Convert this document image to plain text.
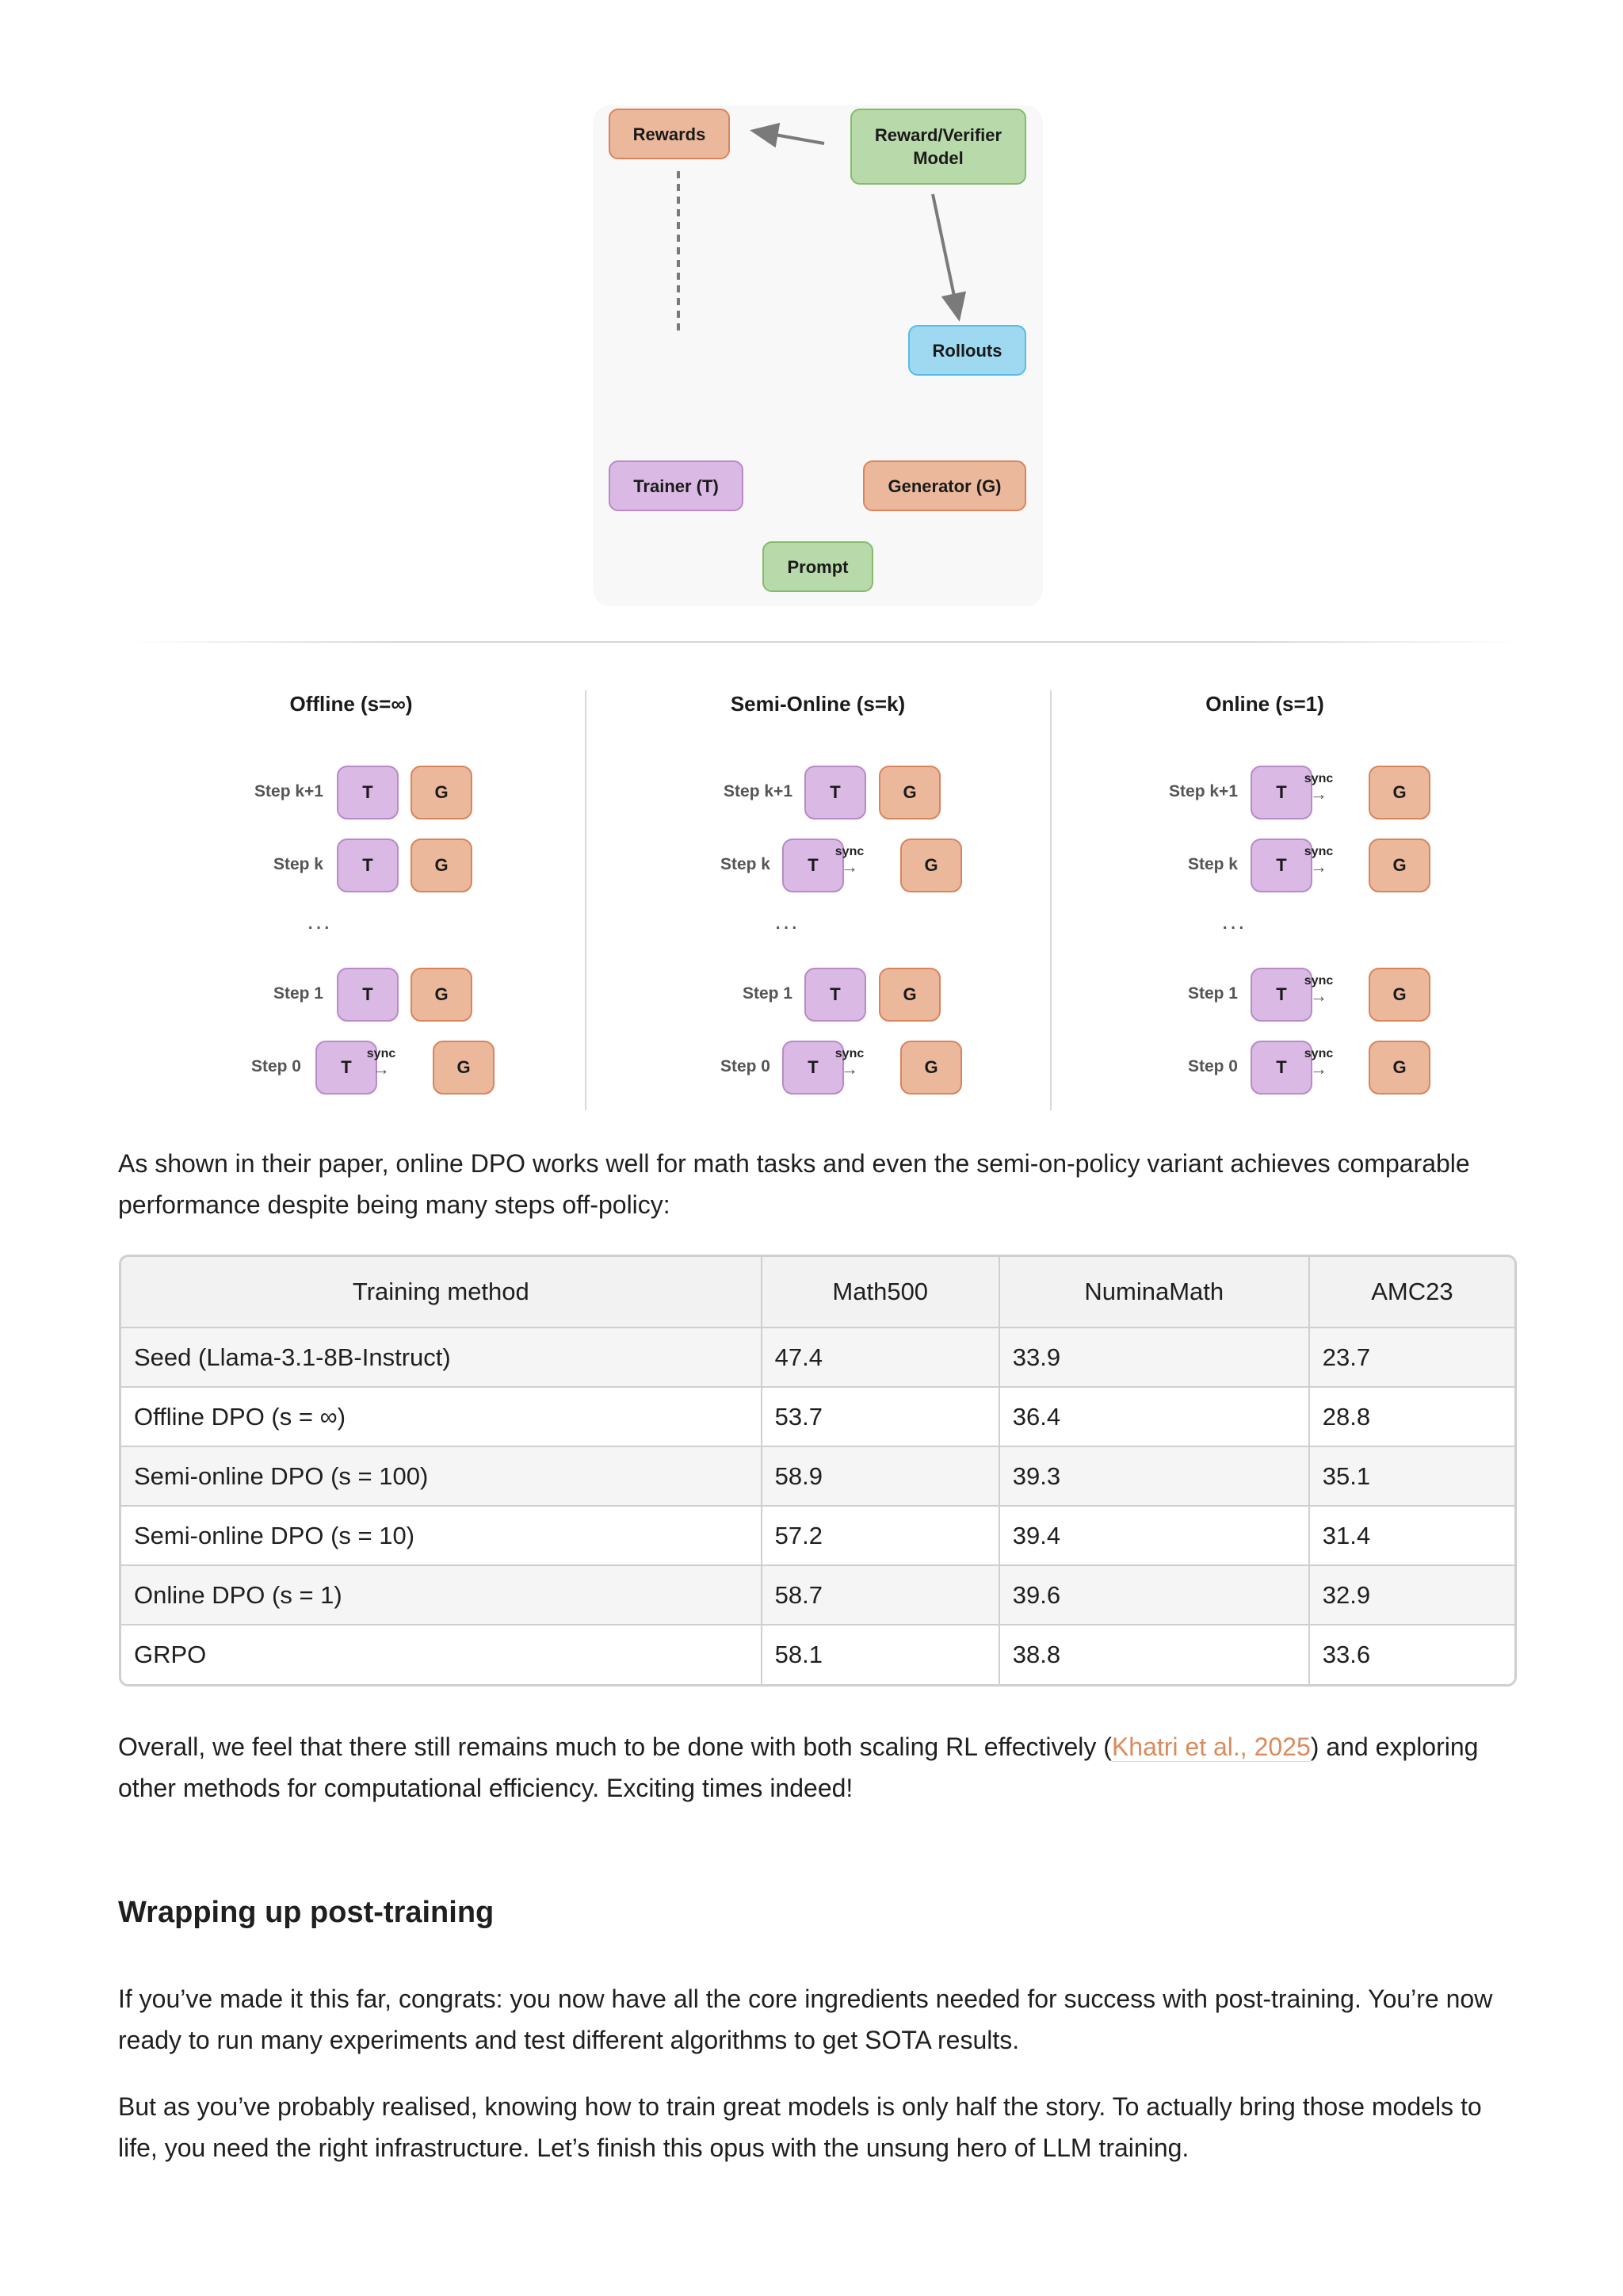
Rewards	Reward/Verifier Model
Rollouts
Trainer (T)	Generator (G)
Prompt
Offline (s=∞)
Step k+1	T	G
Step k	T	G
Step 1	T	G
Step 0	T	G
sync
→
...
Semi-Online (s=k)
Step k+1	T	G
Step k	T	G
sync
→
Step 1	T	G
Step 0	T	G
sync
→
...
Online (s=1)
Step k+1	T	G
sync
→
Step k	T	G
sync
→
Step 1	T	G
sync
→
Step 0	T	G
sync
→
...

As shown in their paper, online DPO works well for math tasks and even the semi-on-policy variant achieves comparable performance despite being many steps off-policy:

Training method	Math500	NuminaMath	AMC23
Seed (Llama-3.1-8B-Instruct)	47.4	33.9	23.7
Offline DPO (s = ∞)	53.7	36.4	28.8
Semi-online DPO (s = 100)	58.9	39.3	35.1
Semi-online DPO (s = 10)	57.2	39.4	31.4
Online DPO (s = 1)	58.7	39.6	32.9
GRPO	58.1	38.8	33.6

Overall, we feel that there still remains much to be done with both scaling RL effectively (Khatri et al., 2025) and exploring other methods for computational efficiency. Exciting times indeed!

Wrapping up post-training

If you’ve made it this far, congrats: you now have all the core ingredients needed for success with post-training. You’re now ready to run many experiments and test different algorithms to get SOTA results.

But as you’ve probably realised, knowing how to train great models is only half the story. To actually bring those models to life, you need the right infrastructure. Let’s finish this opus with the unsung hero of LLM training.
